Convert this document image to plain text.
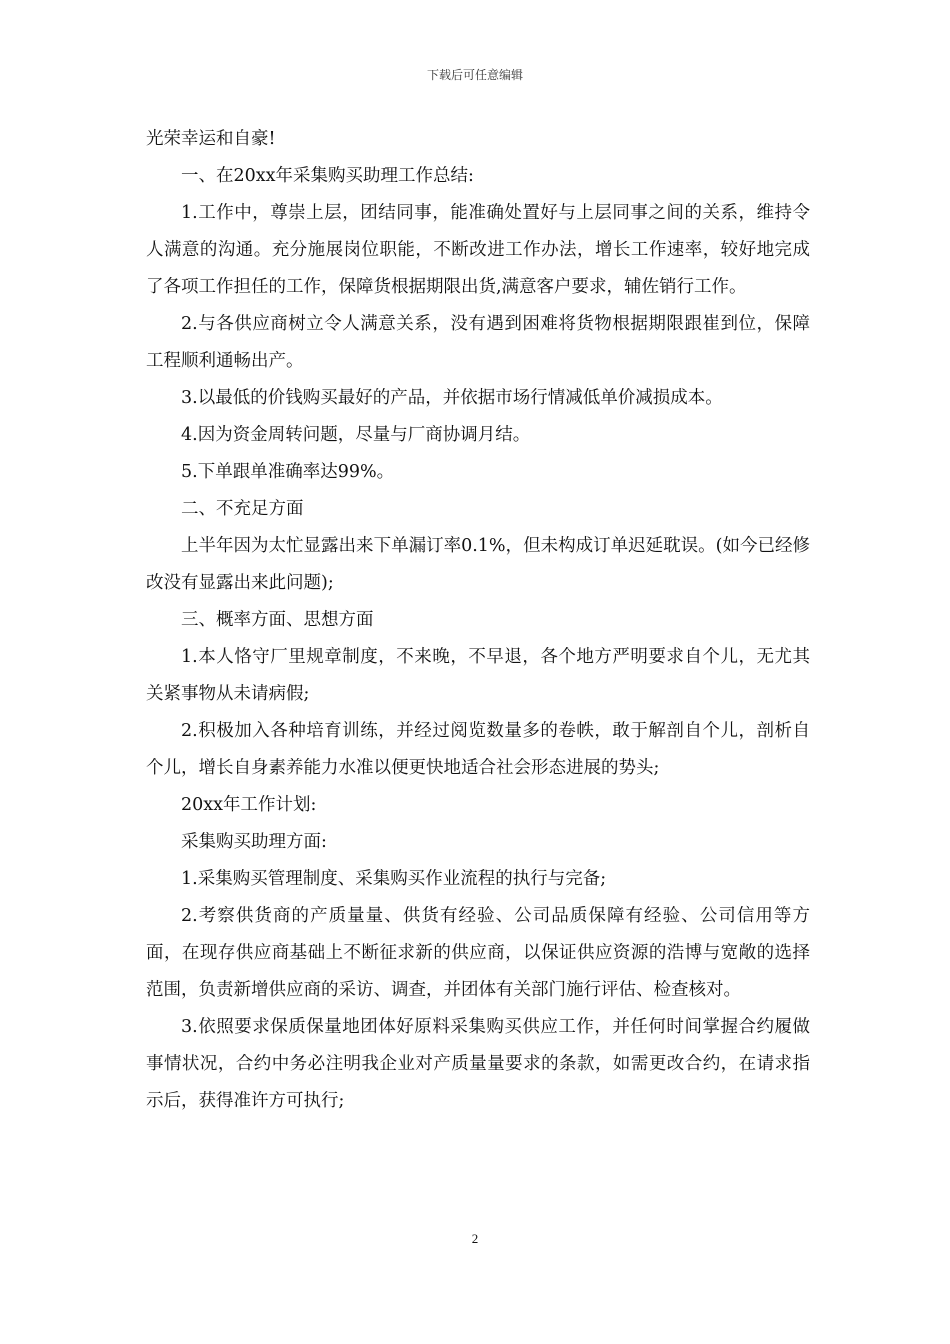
下载后可任意编辑

光荣幸运和自豪!

一、在20xx年采集购买助理工作总结:

1.工作中，尊崇上层，团结同事，能准确处置好与上层同事之间的关系，维持令人满意的沟通。充分施展岗位职能，不断改进工作办法，增长工作速率，较好地完成了各项工作担任的工作，保障货根据期限出货,满意客户要求，辅佐销行工作。

2.与各供应商树立令人满意关系，没有遇到困难将货物根据期限跟崔到位，保障工程顺利通畅出产。

3.以最低的价钱购买最好的产品，并依据市场行情减低单价减损成本。

4.因为资金周转问题，尽量与厂商协调月结。

5.下单跟单准确率达99%。

二、不充足方面

上半年因为太忙显露出来下单漏订率0.1%，但未构成订单迟延耽误。(如今已经修改没有显露出来此问题);

三、概率方面、思想方面

1.本人恪守厂里规章制度，不来晚，不早退，各个地方严明要求自个儿，无尤其关紧事物从未请病假;

2.积极加入各种培育训练，并经过阅览数量多的卷帙，敢于解剖自个儿，剖析自个儿，增长自身素养能力水准以便更快地适合社会形态进展的势头;

20xx年工作计划:

采集购买助理方面:

1.采集购买管理制度、采集购买作业流程的执行与完备;

2.考察供货商的产质量量、供货有经验、公司品质保障有经验、公司信用等方面，在现存供应商基础上不断征求新的供应商，以保证供应资源的浩博与宽敞的选择范围，负责新增供应商的采访、调查，并团体有关部门施行评估、检查核对。

3.依照要求保质保量地团体好原料采集购买供应工作，并任何时间掌握合约履做事情状况，合约中务必注明我企业对产质量量要求的条款，如需更改合约，在请求指示后，获得准许方可执行;

2
